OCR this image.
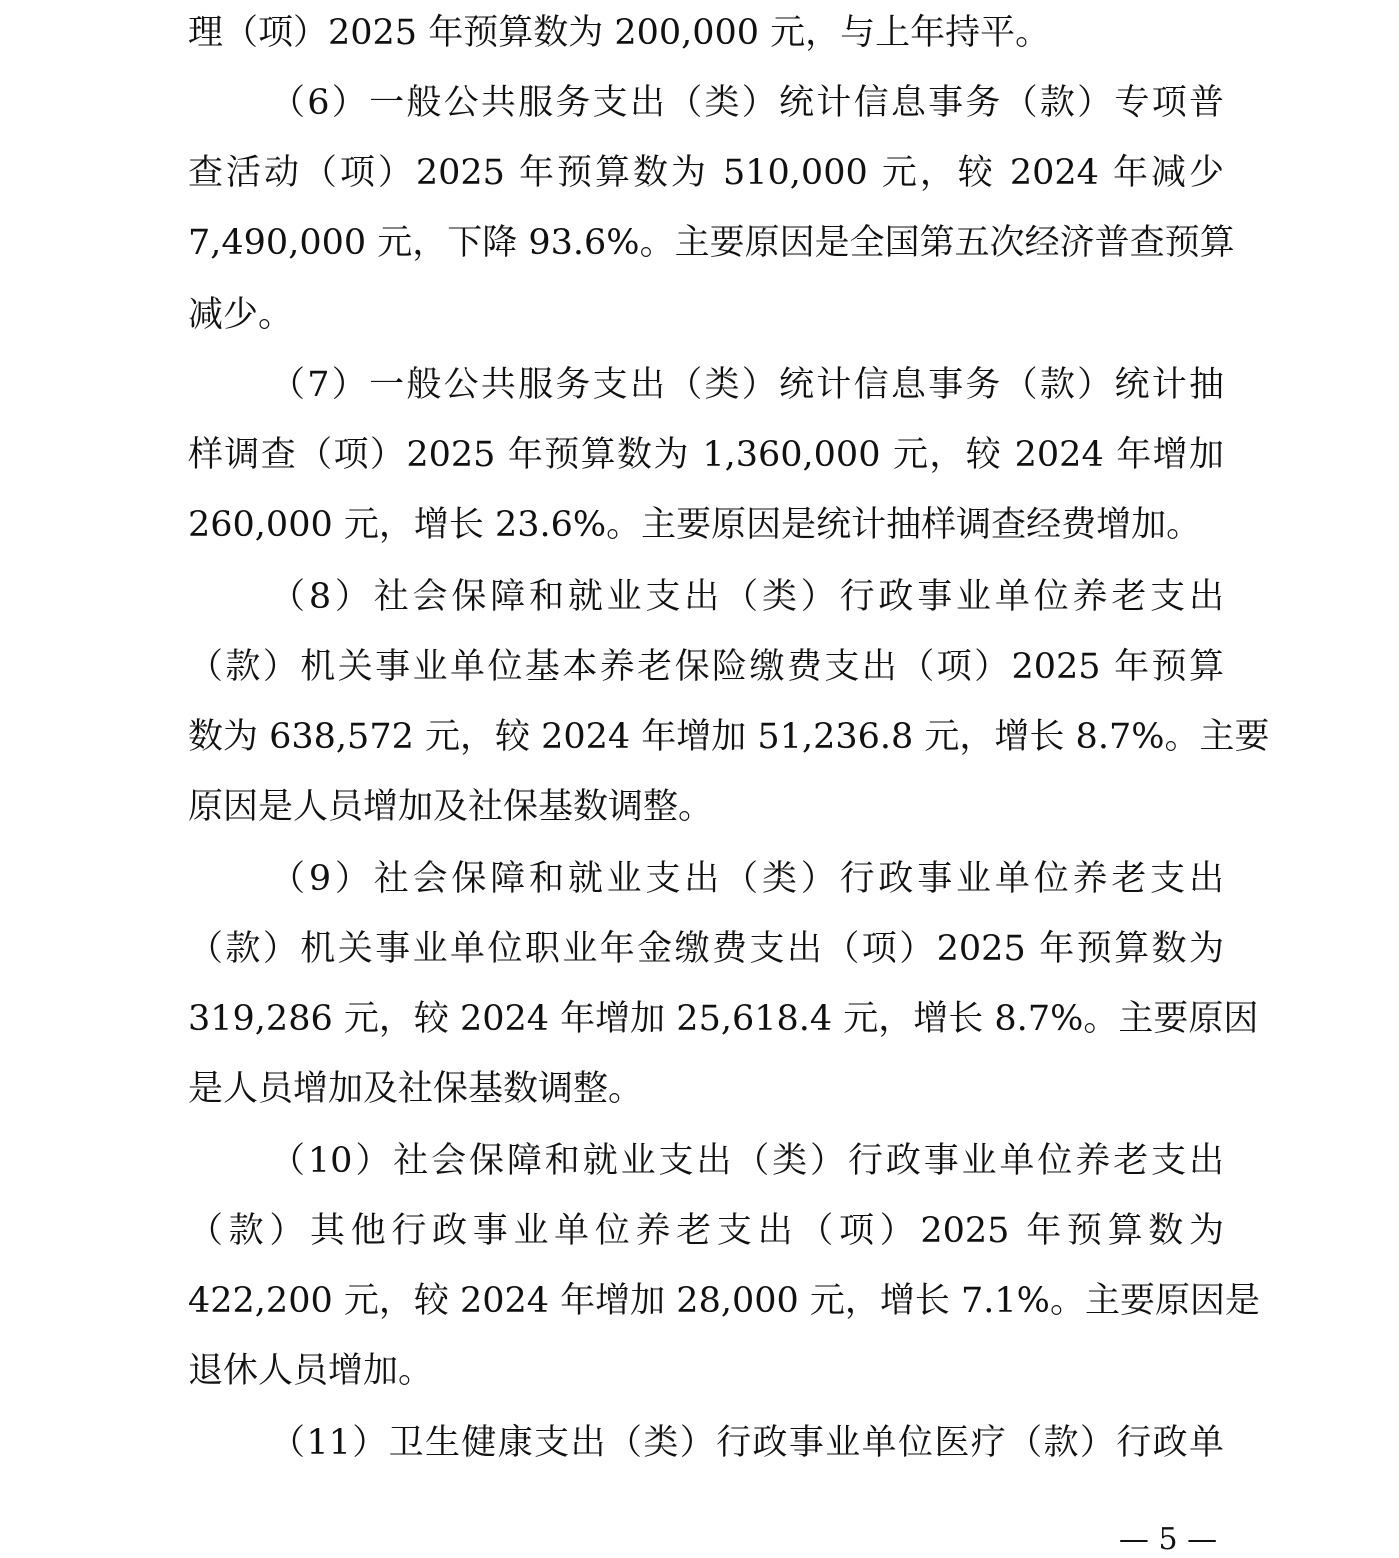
理（项）2025 年预算数为 200,000 元，与上年持平。
（6）一般公共服务支出（类）统计信息事务（款）专项普
查活动（项）2025 年预算数为 510,000 元，较 2024 年减少
7,490,000 元，下降 93.6%。主要原因是全国第五次经济普查预算
减少。
（7）一般公共服务支出（类）统计信息事务（款）统计抽
样调查（项）2025 年预算数为 1,360,000 元，较 2024 年增加
260,000 元，增长 23.6%。主要原因是统计抽样调查经费增加。
（8）社会保障和就业支出（类）行政事业单位养老支出
（款）机关事业单位基本养老保险缴费支出（项）2025 年预算
数为 638,572 元，较 2024 年增加 51,236.8 元，增长 8.7%。主要
原因是人员增加及社保基数调整。
（9）社会保障和就业支出（类）行政事业单位养老支出
（款）机关事业单位职业年金缴费支出（项）2025 年预算数为
319,286 元，较 2024 年增加 25,618.4 元，增长 8.7%。主要原因
是人员增加及社保基数调整。
（10）社会保障和就业支出（类）行政事业单位养老支出
（款）其他行政事业单位养老支出（项）2025 年预算数为
422,200 元，较 2024 年增加 28,000 元，增长 7.1%。主要原因是
退休人员增加。
（11）卫生健康支出（类）行政事业单位医疗（款）行政单
— 5 —
